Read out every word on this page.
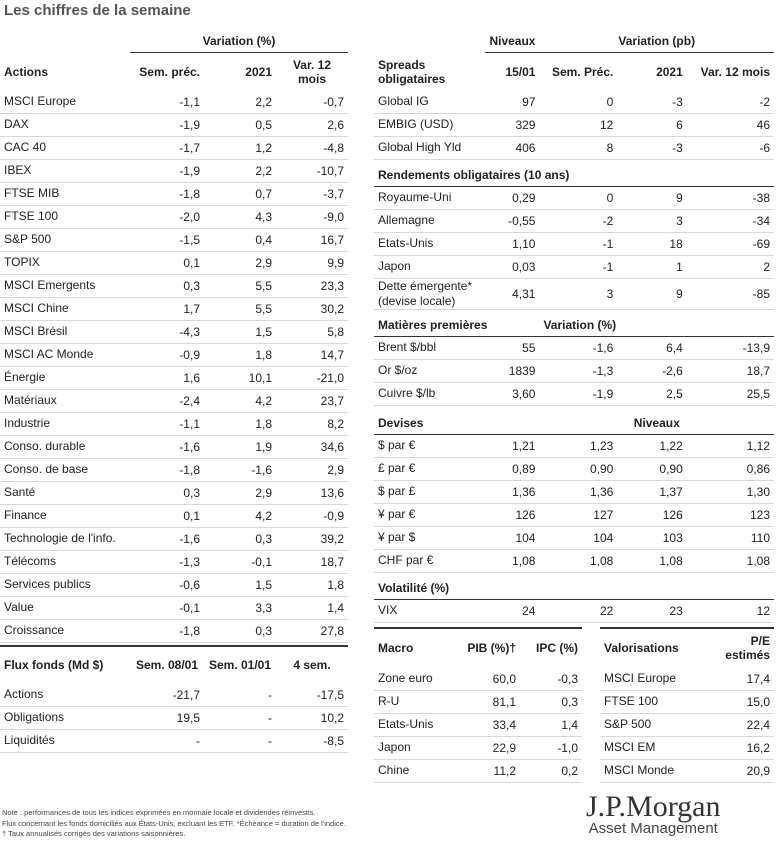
Les chiffres de la semaine
	Variation (%)		
Actions	Sem. préc.	2021	Var. 12 mois
MSCI Europe	-1,1	2,2	-0,7
DAX	-1,9	0,5	2,6
CAC 40	-1,7	1,2	-4,8
IBEX	-1,9	2,2	-10,7
FTSE MIB	-1,8	0,7	-3,7
FTSE 100	-2,0	4,3	-9,0
S&P 500	-1,5	0,4	16,7
TOPIX	0,1	2,9	9,9
MSCI Emergents	0,3	5,5	23,3
MSCI Chine	1,7	5,5	30,2
MSCI Brésil	-4,3	1,5	5,8
MSCI AC Monde	-0,9	1,8	14,7
Énergie	1,6	10,1	-21,0
Matériaux	-2,4	4,2	23,7
Industrie	-1,1	1,8	8,2
Conso. durable	-1,6	1,9	34,6
Conso. de base	-1,8	-1,6	2,9
Santé	0,3	2,9	13,6
Finance	0,1	4,2	-0,9
Technologie de l'info.	-1,6	0,3	39,2
Télécoms	-1,3	-0,1	18,7
Services publics	-0,6	1,5	1,8
Value	-0,1	3,3	1,4
Croissance	-1,8	0,3	27,8
Flux fonds (Md $)	Sem. 08/01	Sem. 01/01	4 sem.
Actions	-21,7	-	-17,5
Obligations	19,5	-	10,2
Liquidités	-	-	-8,5
	Niveaux	Variation (pb)		
Spreads obligataires	15/01	Sem. Préc.	2021	Var. 12 mois
Global IG	97	0	-3	-2
EMBIG (USD)	329	12	6	46
Global High Yld	406	8	-3	-6
Rendements obligataires (10 ans)				
Royaume-Uni	0,29	0	9	-38
Allemagne	-0,55	-2	3	-34
Etats-Unis	1,10	-1	18	-69
Japon	0,03	-1	1	2
Dette émergente* (devise locale)	4,31	3	9	-85
Matières premières		Variation (%)		
Brent $/bbl	55	-1,6	6,4	-13,9
Or $/oz	1839	-1,3	-2,6	18,7
Cuivre $/lb	3,60	-1,9	2,5	25,5
Devises		Niveaux		
$ par €	1,21	1,23	1,22	1,12
£ par €	0,89	0,90	0,90	0,86
$ par £	1,36	1,36	1,37	1,30
¥ par €	126	127	126	123
¥ par $	104	104	103	110
CHF par €	1,08	1,08	1,08	1,08
Volatilité (%)				
VIX	24	22	23	12
Macro	PIB (%)†	IPC (%)
Zone euro	60,0	-0,3
R-U	81,1	0,3
Etats-Unis	33,4	1,4
Japon	22,9	-1,0
Chine	11,2	0,2
Valorisations	P/E estimés
MSCI Europe	17,4
FTSE 100	15,0
S&P 500	22,4
MSCI EM	16,2
MSCI Monde	20,9
Note : performances de tous les indices exprimées en monnaie locale et dividendes réinvestis.
Flux concernant les fonds domiciliés aux États-Unis, excluant les ETF. *Échéance = duration de l'indice.
† Taux annualisés corrigés des variations saisonnières.
J.P.Morgan
Asset Management
